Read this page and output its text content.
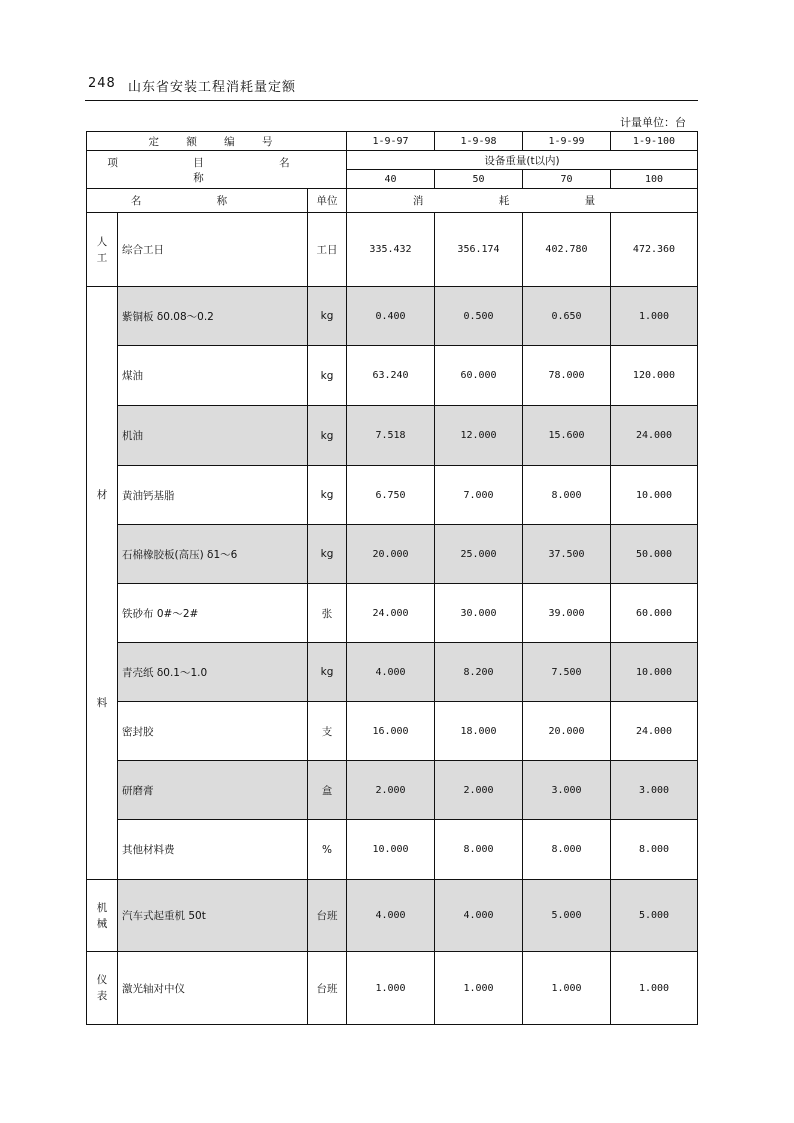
248 山东省安装工程消耗量定额
计量单位：台
定 额 编 号			1-9-97	1-9-98	1-9-99	1-9-100
项 目 名 称			设备重量(t以内)			
			40	50	70	100
名 称		单位	消 耗 量			
人
工	综合工日	工日	335.432	356.174	402.780	472.360

材
料	紫铜板 δ0.08～0.2	kg	0.400	0.500	0.650	1.000
	煤油	kg	63.240	60.000	78.000	120.000
	机油	kg	7.518	12.000	15.600	24.000
	黄油钙基脂	kg	6.750	7.000	8.000	10.000
	石棉橡胶板(高压) δ1～6	kg	20.000	25.000	37.500	50.000
	铁砂布 0#～2#	张	24.000	30.000	39.000	60.000
	青壳纸 δ0.1～1.0	kg	4.000	8.200	7.500	10.000
	密封胶	支	16.000	18.000	20.000	24.000
	研磨膏	盒	2.000	2.000	3.000	3.000
	其他材料费	%	10.000	8.000	8.000	8.000
机
械	汽车式起重机 50t	台班	4.000	4.000	5.000	5.000
仪
表	激光轴对中仪	台班	1.000	1.000	1.000	1.000
